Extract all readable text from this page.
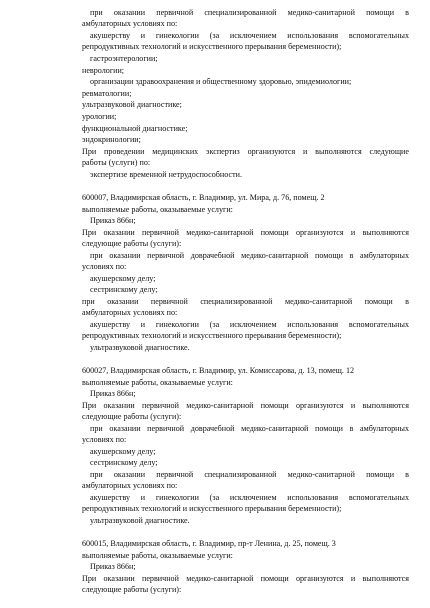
при оказании первичной специализированной медико-санитарной помощи в
амбулаторных условиях по:
акушерству и гинекологии (за исключением использования вспомогательных
репродуктивных технологий и искусственного прерывания беременности);
гастроэнтерологии;
неврологии;
организации здравоохранения и общественному здоровью, эпидемиологии;
ревматологии;
ультразвуковой диагностике;
урологии;
функциональной диагностике;
эндокринологии;
При проведении медицинских экспертиз организуются и выполняются следующие
работы (услуги) по:
экспертизе временной нетрудоспособности.
600007, Владимирская область, г. Владимир, ул. Мира, д. 76, помещ. 2
выполняемые работы, оказываемые услуги:
Приказ 866н;
При оказании первичной медико-санитарной помощи организуются и выполняются
следующие работы (услуги):
при оказании первичной доврачебной медико-санитарной помощи в амбулаторных
условиях по:
акушерскому делу;
сестринскому делу;
при оказании первичной специализированной медико-санитарной помощи в
амбулаторных условиях по:
акушерству и гинекологии (за исключением использования вспомогательных
репродуктивных технологий и искусственного прерывания беременности);
ультразвуковой диагностике.
600027, Владимирская область, г. Владимир, ул. Комиссарова, д. 13, помещ. 12
выполняемые работы, оказываемые услуги:
Приказ 866н;
При оказании первичной медико-санитарной помощи организуются и выполняются
следующие работы (услуги):
при оказании первичной доврачебной медико-санитарной помощи в амбулаторных
условиях по:
акушерскому делу;
сестринскому делу;
при оказании первичной специализированной медико-санитарной помощи в
амбулаторных условиях по:
акушерству и гинекологии (за исключением использования вспомогательных
репродуктивных технологий и искусственного прерывания беременности);
ультразвуковой диагностике.
600015, Владимирская область, г. Владимир, пр-т Ленина, д. 25, помещ. 3
выполняемые работы, оказываемые услуги:
Приказ 866н;
При оказании первичной медико-санитарной помощи организуются и выполняются
следующие работы (услуги):
